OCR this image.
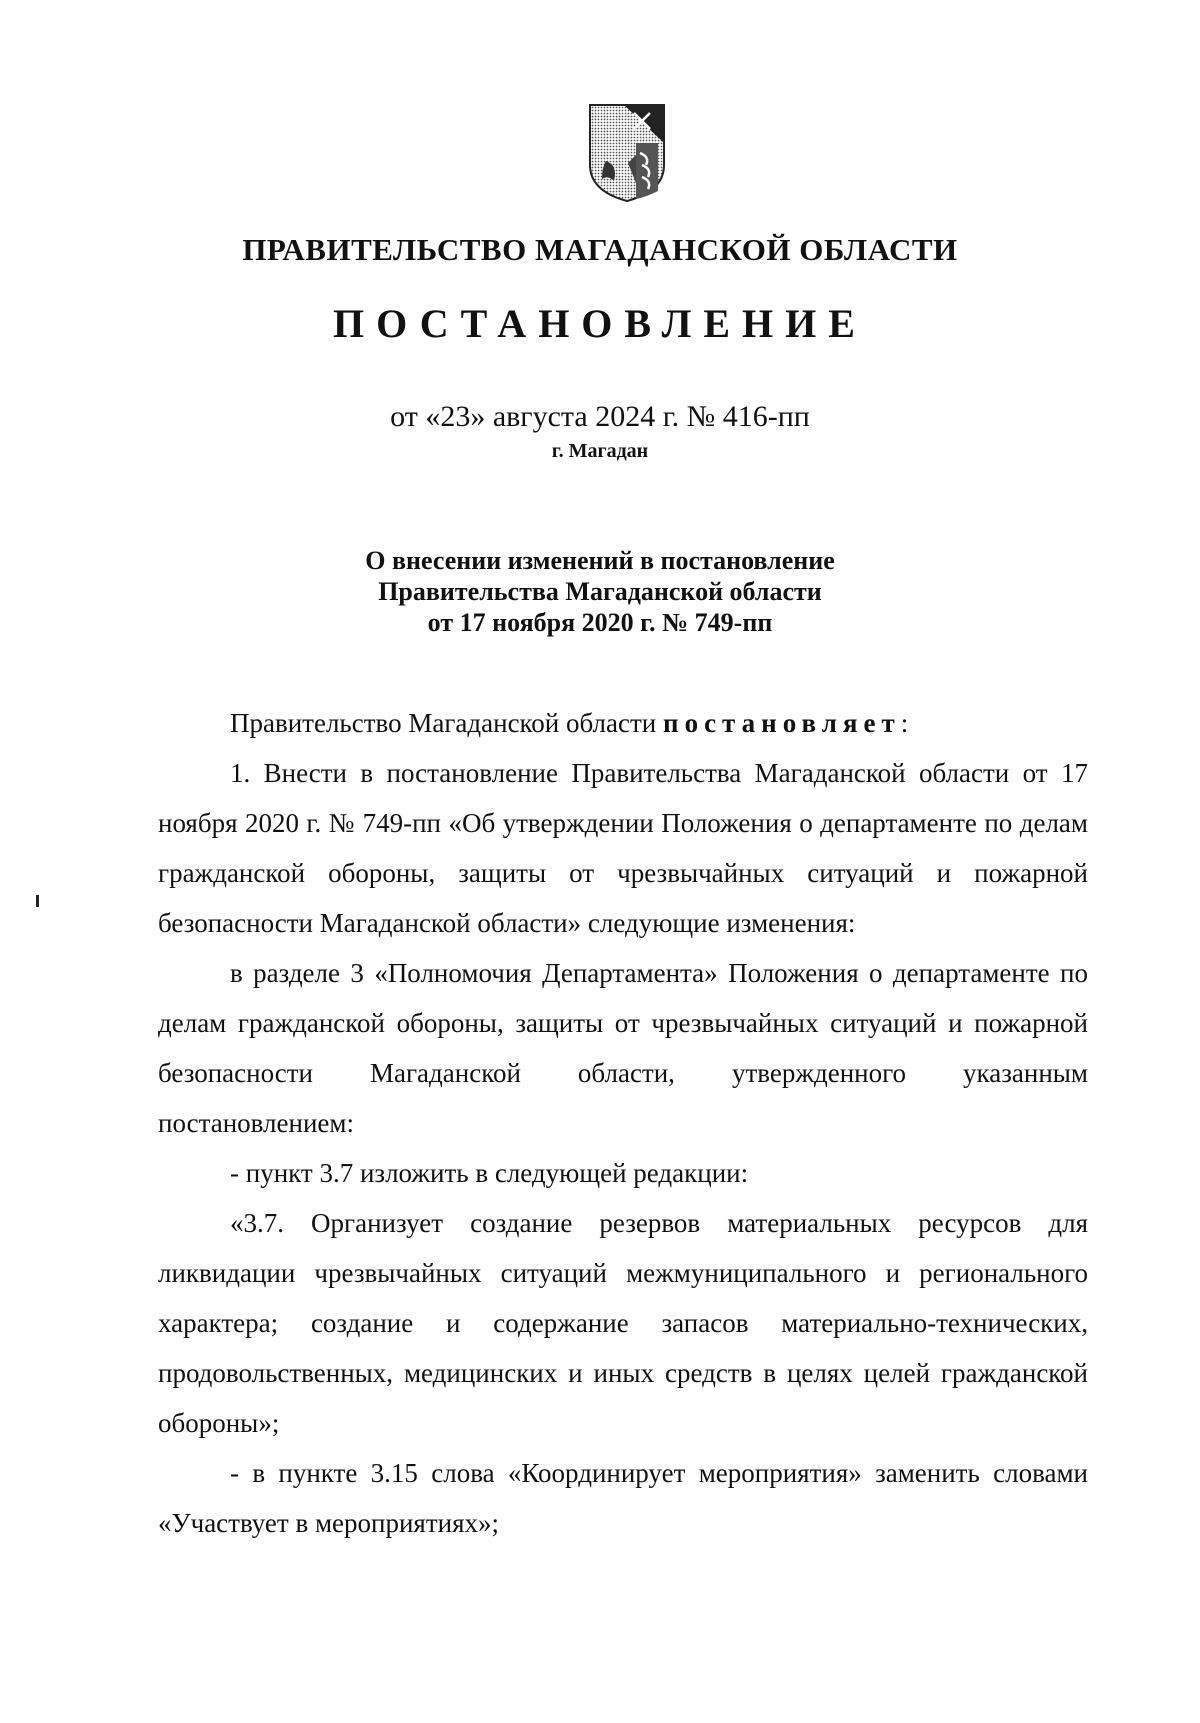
ПРАВИТЕЛЬСТВО МАГАДАНСКОЙ ОБЛАСТИ
ПОСТАНОВЛЕНИЕ
от «23» августа 2024 г. № 416-пп
г. Магадан
О внесении изменений в постановление
Правительства Магаданской области
от 17 ноября 2020 г. № 749-пп

Правительство Магаданской области постановляет:

1. Внести в постановление Правительства Магаданской области от 17 ноября 2020 г. № 749-пп «Об утверждении Положения о департаменте по делам гражданской обороны, защиты от чрезвычайных ситуаций и пожарной безопасности Магаданской области» следующие изменения:

в разделе 3 «Полномочия Департамента» Положения о департаменте по делам гражданской обороны, защиты от чрезвычайных ситуаций и пожарной безопасности Магаданской области, утвержденного указанным постановлением:

- пункт 3.7 изложить в следующей редакции:

«3.7. Организует создание резервов материальных ресурсов для ликвидации чрезвычайных ситуаций межмуниципального и регионального характера; создание и содержание запасов материально-технических, продовольственных, медицинских и иных средств в целях целей гражданской обороны»;

- в пункте 3.15 слова «Координирует мероприятия» заменить словами «Участвует в мероприятиях»;
